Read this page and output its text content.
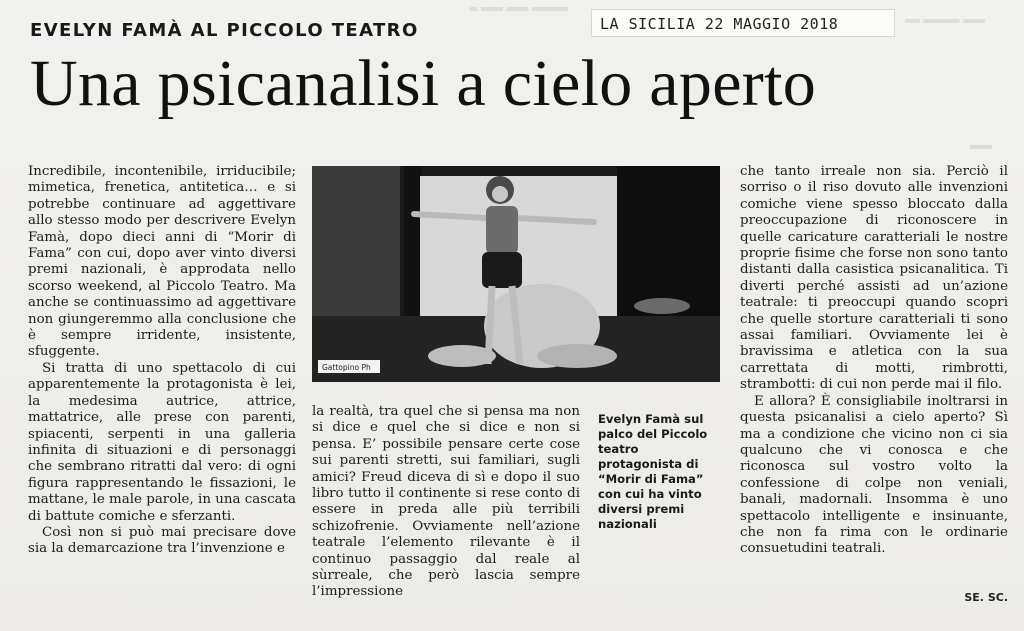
═ ═══ ═══ ═════
══ ═════ ═══
═══
EVELYN FAMÀ AL PICCOLO TEATRO	LA SICILIA 22 MAGGIO 2018
Una psicanalisi a cielo aperto

Incredibile, incontenibile, irriducibile; mimetica, frenetica, antitetica… e si potrebbe continuare ad aggettivare allo stesso modo per descrivere Evelyn Famà, dopo dieci anni di “Morir di Fama” con cui, dopo aver vinto diversi premi nazionali, è approdata nello scorso weekend, al Piccolo Teatro. Ma anche se continuassimo ad aggettivare non giungeremmo alla conclusione che è sempre irridente, insistente, sfuggente.

Si tratta di uno spettacolo di cui apparentemente la protagonista è lei, la medesima autrice, attrice, mattatrice, alle prese con parenti, spiacenti, serpenti in una galleria infinita di situazioni e di personaggi che sembrano ritratti dal vero: di ogni figura rappresentando le fissazioni, le mattane, le male parole, in una cascata di battute comiche e sferzanti.

Così non si può mai precisare dove sia la demarcazione tra l’invenzione e

Gattopino Ph

la realtà, tra quel che si pensa ma non si dice e quel che si dice e non si pensa. E’ possibile pensare certe cose sui parenti stretti, sui familiari, sugli amici? Freud diceva di sì e dopo il suo libro tutto il continente si rese conto di essere in preda alle più terribili schizofrenie. Ovviamente nell’azione teatrale l’elemento rilevante è il continuo passaggio dal reale al sùrreale, che però lascia sempre l’impressione

Evelyn Famà sul palco del Piccolo teatro protagonista di “Morir di Fama” con cui ha vinto diversi premi nazionali

che tanto irreale non sia. Perciò il sorriso o il riso dovuto alle invenzioni comiche viene spesso bloccato dalla preoccupazione di riconoscere in quelle caricature caratteriali le nostre proprie fisime che forse non sono tanto distanti dalla casistica psicanalitica. Ti diverti perché assisti ad un’azione teatrale: ti preoccupi quando scopri che quelle storture caratteriali ti sono assai familiari. Ovviamente lei è bravissima e atletica con la sua carrettata di motti, rimbrotti, strambotti: di cui non perde mai il filo.

E allora? È consigliabile inoltrarsi in questa psicanalisi a cielo aperto? Sì ma a condizione che vicino non ci sia qualcuno che vi conosca e che riconosca sul vostro volto la confessione di colpe non veniali, banali, madornali. Insomma è uno spettacolo intelligente e insinuante, che non fa rima con le ordinarie consuetudini teatrali.

SE. SC.
